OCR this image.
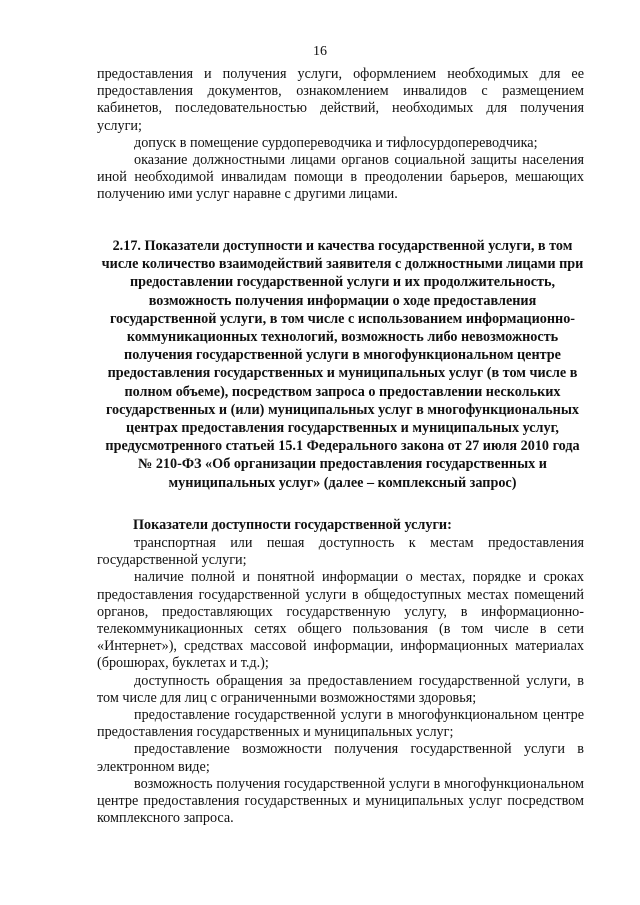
16

предоставления и получения услуги, оформлением необходимых для ее предоставления документов, ознакомлением инвалидов с размещением кабинетов, последовательностью действий, необходимых для получения услуги;

допуск в помещение сурдопереводчика и тифлосурдопереводчика;

оказание должностными лицами органов социальной защиты населения иной необходимой инвалидам помощи в преодолении барьеров, мешающих получению ими услуг наравне с другими лицами.

2.17. Показатели доступности и качества государственной услуги, в том числе количество взаимодействий заявителя с должностными лицами при предоставлении государственной услуги и их продолжительность, возможность получения информации о ходе предоставления государственной услуги, в том числе с использованием информационно-коммуникационных технологий, возможность либо невозможность получения государственной услуги в многофункциональном центре предоставления государственных и муниципальных услуг (в том числе в полном объеме), посредством запроса о предоставлении нескольких государственных и (или) муниципальных услуг в многофункциональных центрах предоставления государственных и муниципальных услуг, предусмотренного статьей 15.1 Федерального закона от 27 июля 2010 года № 210-ФЗ «Об организации предоставления государственных и муниципальных услуг» (далее – комплексный запрос)
Показатели доступности государственной услуги:

транспортная или пешая доступность к местам предоставления государственной услуги;

наличие полной и понятной информации о местах, порядке и сроках предоставления государственной услуги в общедоступных местах помещений органов, предоставляющих государственную услугу, в информационно-телекоммуникационных сетях общего пользования (в том числе в сети «Интернет»), средствах массовой информации, информационных материалах (брошюрах, буклетах и т.д.);

доступность обращения за предоставлением государственной услуги, в том числе для лиц с ограниченными возможностями здоровья;

предоставление государственной услуги в многофункциональном центре предоставления государственных и муниципальных услуг;

предоставление возможности получения государственной услуги в электронном виде;

возможность получения государственной услуги в многофункциональном центре предоставления государственных и муниципальных услуг посредством комплексного запроса.
